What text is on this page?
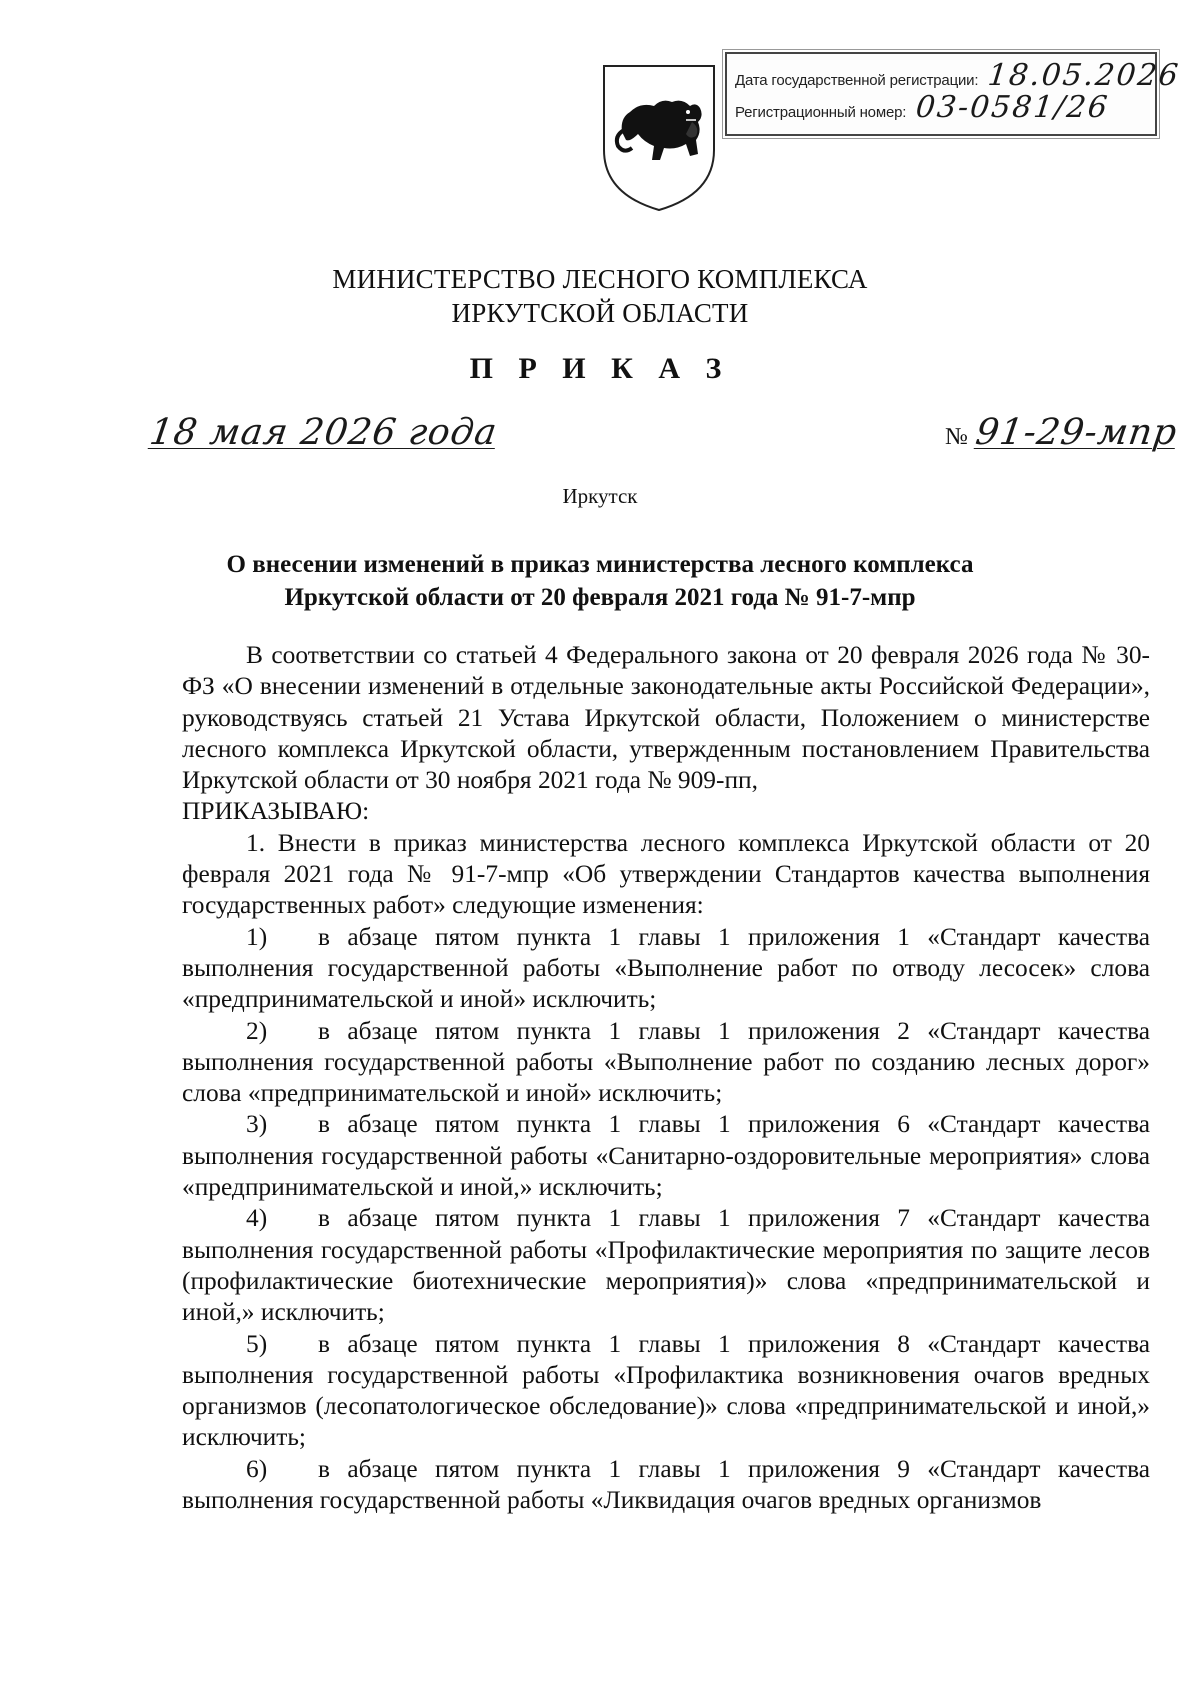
Дата государственной регистрации: 18.05.2026
Регистрационный номер: 03-0581/26
МИНИСТЕРСТВО ЛЕСНОГО КОМПЛЕКСА
ИРКУТСКОЙ ОБЛАСТИ
П Р И К А З
18 мая 2026 года	№ 91-29-мпр
Иркутск
О внесении изменений в приказ министерства лесного комплекса
Иркутской области от 20 февраля 2021 года № 91-7-мпр

В соответствии со статьей 4 Федерального закона от 20 февраля 2026 года № 30-ФЗ «О внесении изменений в отдельные законодательные акты Российской Федерации», руководствуясь статьей 21 Устава Иркутской области, Положением о министерстве лесного комплекса Иркутской области, утвержденным постановлением Правительства Иркутской области от 30 ноября 2021 года № 909-пп,

ПРИКАЗЫВАЮ:

1. Внести в приказ министерства лесного комплекса Иркутской области от 20 февраля 2021 года № 91-7-мпр «Об утверждении Стандартов качества выполнения государственных работ» следующие изменения:

1) в абзаце пятом пункта 1 главы 1 приложения 1 «Стандарт качества выполнения государственной работы «Выполнение работ по отводу лесосек» слова «предпринимательской и иной» исключить;

2) в абзаце пятом пункта 1 главы 1 приложения 2 «Стандарт качества выполнения государственной работы «Выполнение работ по созданию лесных дорог» слова «предпринимательской и иной» исключить;

3) в абзаце пятом пункта 1 главы 1 приложения 6 «Стандарт качества выполнения государственной работы «Санитарно-оздоровительные мероприятия» слова «предпринимательской и иной,» исключить;

4) в абзаце пятом пункта 1 главы 1 приложения 7 «Стандарт качества выполнения государственной работы «Профилактические мероприятия по защите лесов (профилактические биотехнические мероприятия)» слова «предпринимательской и иной,» исключить;

5) в абзаце пятом пункта 1 главы 1 приложения 8 «Стандарт качества выполнения государственной работы «Профилактика возникновения очагов вредных организмов (лесопатологическое обследование)» слова «предпринимательской и иной,» исключить;

6) в абзаце пятом пункта 1 главы 1 приложения 9 «Стандарт качества выполнения государственной работы «Ликвидация очагов вредных организмов
